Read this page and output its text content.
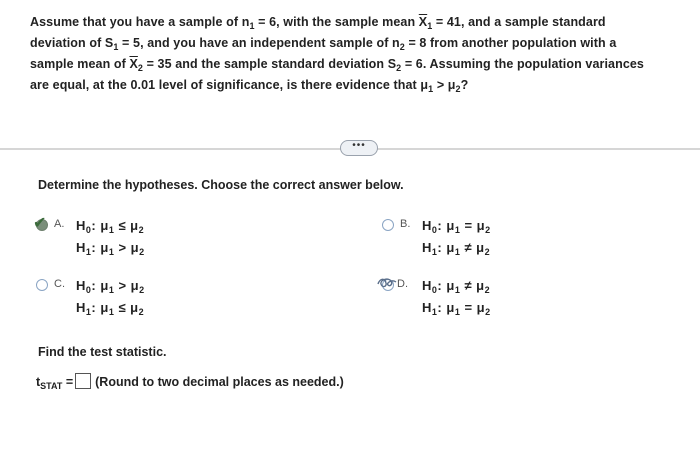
Assume that you have a sample of $n_1 = 6$, with the sample mean $\overline{X}_1 = 41$, and a sample standard
deviation of $S_1 = 5$, and you have an independent sample of $n_2 = 8$ from another population with a
sample mean of $\overline{X}_2 = 35$ and the sample standard deviation $S_2 = 6$. Assuming the population variances
are equal, at the 0.01 level of significance, is there evidence that $\mu_1 > \mu_2$?
•••
Determine the hypotheses. Choose the correct answer below.
✔ A. $H_0$: $\mu_1 \le \mu_2$
$H_1$: $\mu_1 > \mu_2$
B. $H_0$: $\mu_1 = \mu_2$
$H_1$: $\mu_1 \ne \mu_2$
C. $H_0$: $\mu_1 > \mu_2$
$H_1$: $\mu_1 \le \mu_2$
D. $H_0$: $\mu_1 \ne \mu_2$
$H_1$: $\mu_1 = \mu_2$
Find the test statistic.
$t_{STAT}$ = (Round to two decimal places as needed.)
